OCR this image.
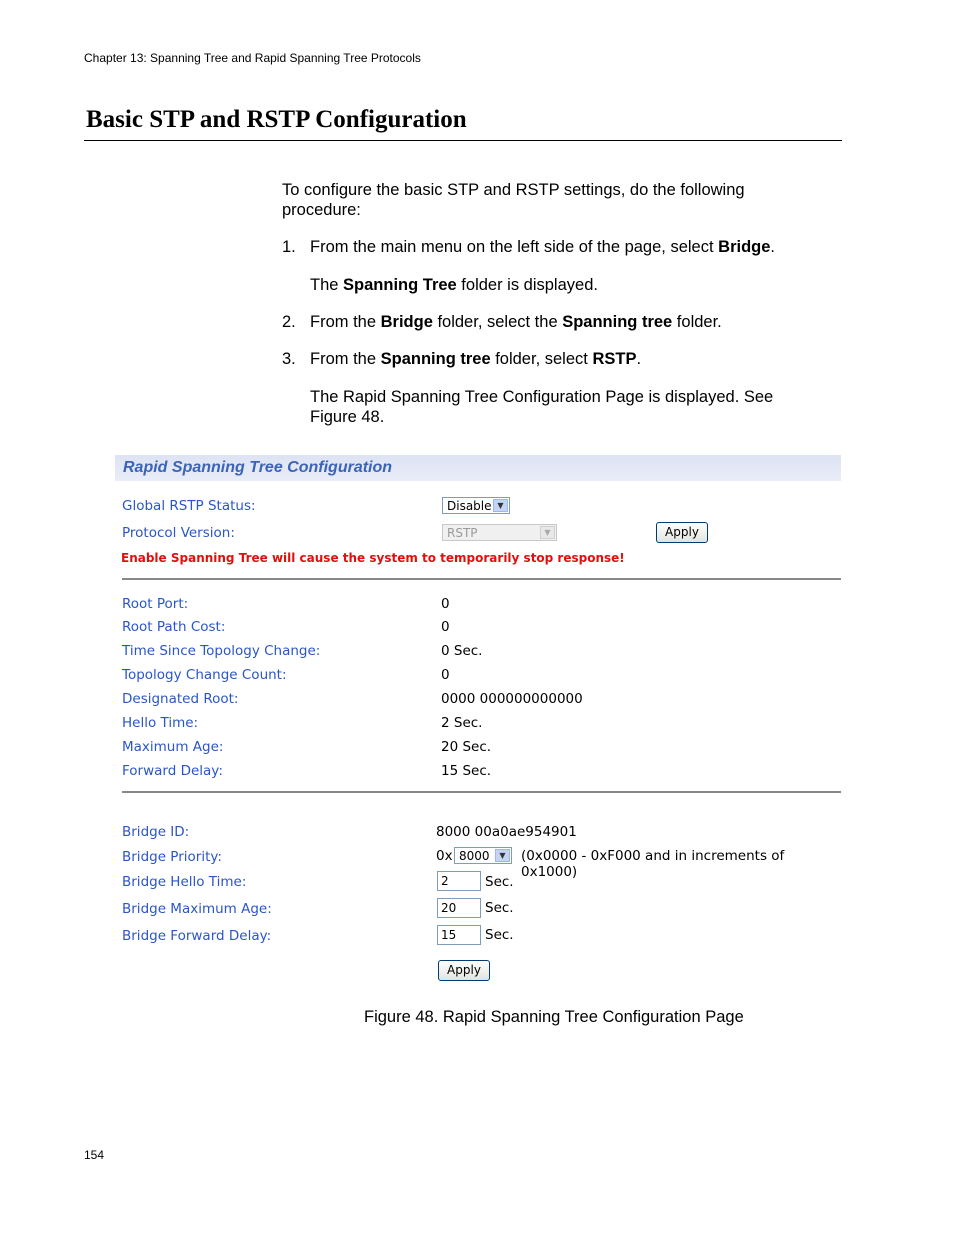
Chapter 13: Spanning Tree and Rapid Spanning Tree Protocols
Basic STP and RSTP Configuration
To configure the basic STP and RSTP settings, do the following procedure:
1. From the main menu on the left side of the page, select Bridge.
The Spanning Tree folder is displayed.
2. From the Bridge folder, select the Spanning tree folder.
3. From the Spanning tree folder, select RSTP.
The Rapid Spanning Tree Configuration Page is displayed. See
Figure 48.
Rapid Spanning Tree Configuration
Global RSTP Status:	Disable ▼
Protocol Version:	RSTP	▼	Apply
Enable Spanning Tree will cause the system to temporarily stop response!
Root Port:	0
Root Path Cost:	0
Time Since Topology Change:	0 Sec.
Topology Change Count:	0
Designated Root:	0000 000000000000
Hello Time:	2 Sec.
Maximum Age:	20 Sec.
Forward Delay:	15 Sec.
Bridge ID:	8000 00a0ae954901
Bridge Priority:	0x 8000	▼	(0x0000 - 0xF000 and in increments of 0x1000)
Bridge Hello Time:	2	Sec.
Bridge Maximum Age:	20	Sec.
Bridge Forward Delay:	15	Sec.
Apply
Figure 48. Rapid Spanning Tree Configuration Page
154
